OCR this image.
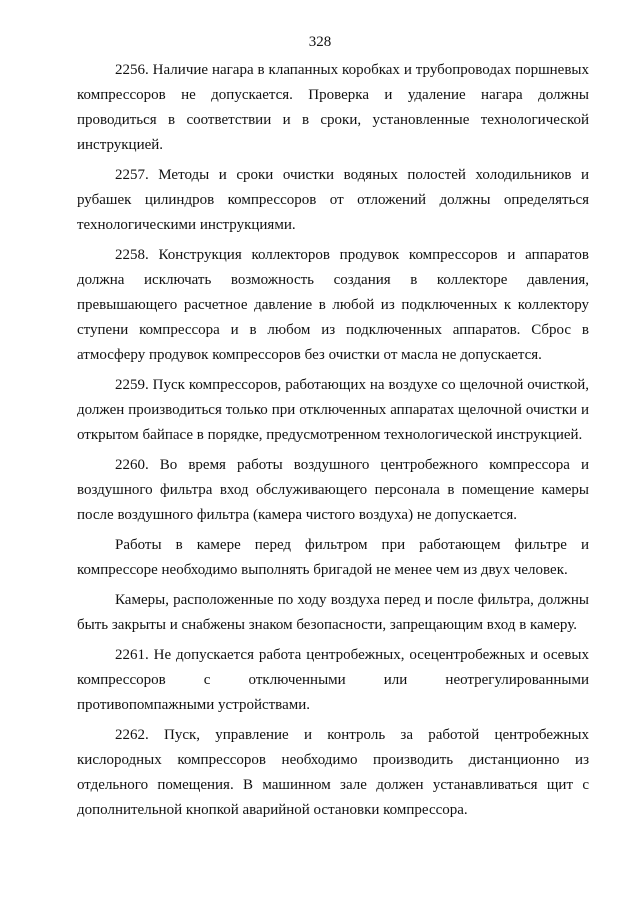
328

2256. Наличие нагара в клапанных коробках и трубопроводах поршневых компрессоров не допускается. Проверка и удаление нагара должны проводиться в соответствии и в сроки, установленные технологической инструкцией.

2257. Методы и сроки очистки водяных полостей холодильников и рубашек цилиндров компрессоров от отложений должны определяться технологическими инструкциями.

2258. Конструкция коллекторов продувок компрессоров и аппаратов должна исключать возможность создания в коллекторе давления, превышающего расчетное давление в любой из подключенных к коллектору ступени компрессора и в любом из подключенных аппаратов. Сброс в атмосферу продувок компрессоров без очистки от масла не допускается.

2259. Пуск компрессоров, работающих на воздухе со щелочной очисткой, должен производиться только при отключенных аппаратах щелочной очистки и открытом байпасе в порядке, предусмотренном технологической инструкцией.

2260. Во время работы воздушного центробежного компрессора и воздушного фильтра вход обслуживающего персонала в помещение камеры после воздушного фильтра (камера чистого воздуха) не допускается.

Работы в камере перед фильтром при работающем фильтре и компрессоре необходимо выполнять бригадой не менее чем из двух человек.

Камеры, расположенные по ходу воздуха перед и после фильтра, должны быть закрыты и снабжены знаком безопасности, запрещающим вход в камеру.

2261. Не допускается работа центробежных, осецентробежных и осевых компрессоров с отключенными или неотрегулированными противопомпажными устройствами.

2262. Пуск, управление и контроль за работой центробежных кислородных компрессоров необходимо производить дистанционно из отдельного помещения. В машинном зале должен устанавливаться щит с дополнительной кнопкой аварийной остановки компрессора.
